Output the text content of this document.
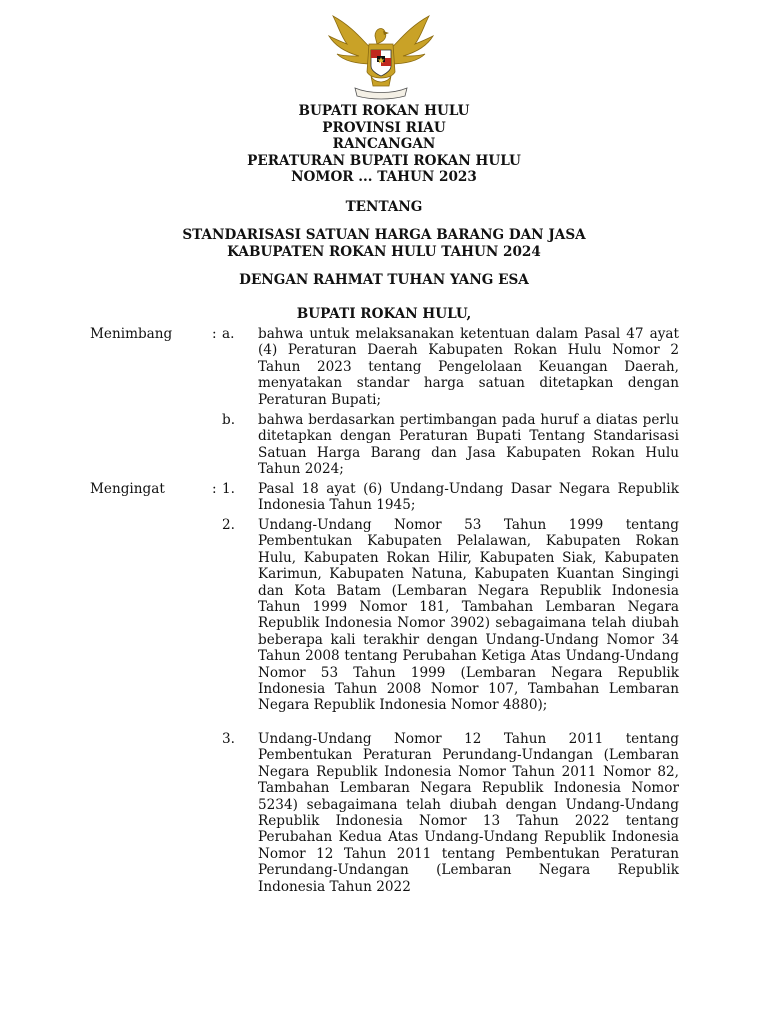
BUPATI ROKAN HULU
PROVINSI RIAU
RANCANGAN
PERATURAN BUPATI ROKAN HULU
NOMOR ... TAHUN 2023
TENTANG
STANDARISASI SATUAN HARGA BARANG DAN JASA
KABUPATEN ROKAN HULU TAHUN 2024
DENGAN RAHMAT TUHAN YANG ESA
BUPATI ROKAN HULU,
Menimbang	: a. bahwa untuk melaksanakan ketentuan dalam Pasal 47 ayat (4) Peraturan Daerah Kabupaten Rokan Hulu Nomor 2 Tahun 2023 tentang Pengelolaan Keuangan Daerah, menyatakan standar harga satuan ditetapkan dengan Peraturan Bupati;
b. bahwa berdasarkan pertimbangan pada huruf a diatas perlu ditetapkan dengan Peraturan Bupati Tentang Standarisasi Satuan Harga Barang dan Jasa Kabupaten Rokan Hulu Tahun 2024;
Mengingat	: 1. Pasal 18 ayat (6) Undang-Undang Dasar Negara Republik Indonesia Tahun 1945;
2. Undang-Undang Nomor 53 Tahun 1999 tentang Pembentukan Kabupaten Pelalawan, Kabupaten Rokan Hulu, Kabupaten Rokan Hilir, Kabupaten Siak, Kabupaten Karimun, Kabupaten Natuna, Kabupaten Kuantan Singingi dan Kota Batam (Lembaran Negara Republik Indonesia Tahun 1999 Nomor 181, Tambahan Lembaran Negara Republik Indonesia Nomor 3902) sebagaimana telah diubah beberapa kali terakhir dengan Undang-Undang Nomor 34 Tahun 2008 tentang Perubahan Ketiga Atas Undang-Undang Nomor 53 Tahun 1999 (Lembaran Negara Republik Indonesia Tahun 2008 Nomor 107, Tambahan Lembaran Negara Republik Indonesia Nomor 4880);
3. Undang-Undang Nomor 12 Tahun 2011 tentang Pembentukan Peraturan Perundang-Undangan (Lembaran Negara Republik Indonesia Nomor Tahun 2011 Nomor 82, Tambahan Lembaran Negara Republik Indonesia Nomor 5234) sebagaimana telah diubah dengan Undang-Undang Republik Indonesia Nomor 13 Tahun 2022 tentang Perubahan Kedua Atas Undang-Undang Republik Indonesia Nomor 12 Tahun 2011 tentang Pembentukan Peraturan Perundang-Undangan (Lembaran Negara Republik Indonesia Tahun 2022
